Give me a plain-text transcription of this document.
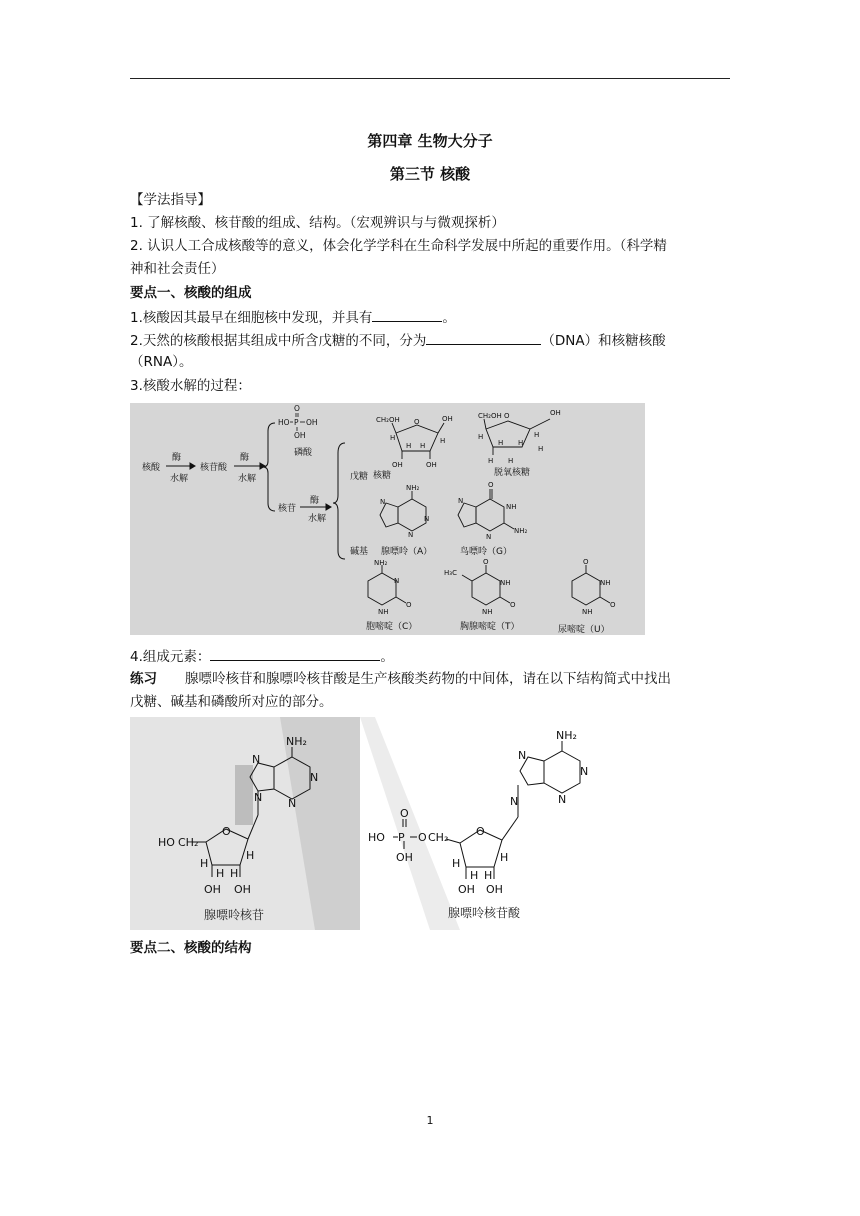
第四章 生物大分子
第三节 核酸
【学法指导】
1. 了解核酸、核苷酸的组成、结构。（宏观辨识与与微观探析）
2. 认识人工合成核酸等的意义，体会化学学科在生命科学发展中所起的重要作用。（科学精
神和社会责任）
要点一、核酸的组成
1.核酸因其最早在细胞核中发现，并具有	。
2.天然的核酸根据其组成中所含戊糖的不同，分为	（DNA）和核糖核酸
（RNA）。
3.核酸水解的过程：
核酸
酶
水解
核苷酸
酶
水解
磷酸
核苷
酶
水解
戊糖
碱基
核糖	脱氧核糖
腺嘌呤（A）	鸟嘌呤（G）
胞嘧啶（C）	胸腺嘧啶（T）	尿嘧啶（U）
HO P OH
O
OH
CH₂OH O	OH
H	H
H H
OH	OH
CH₂OH O	OH
H	H
H H
H H
H
NH₂
N
N
N
O
NH
NH₂
N
N
NH₂
N
NH
O
O
NH
NH
O
H₃C
O
NH
NH
O
4.组成元素：	。
练习 腺嘌呤核苷和腺嘌呤核苷酸是生产核酸类药物的中间体，请在以下结构简式中找出
戊糖、碱基和磷酸所对应的部分。
NH₂
N
N
N
N
HO CH₂
O
H
H
H H
OH OH
腺嘌呤核苷
NH₂
N
N
N
N
HO P
O
OH
O CH₂	O
H	H
H H
OH OH
腺嘌呤核苷酸
要点二、核酸的结构
1
